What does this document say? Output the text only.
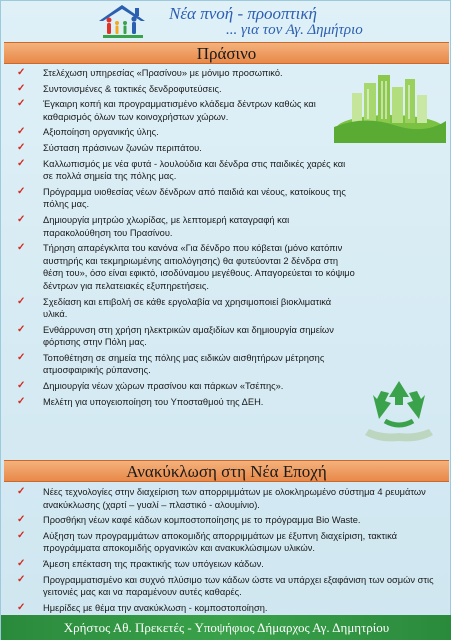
Νέα πνοή - προοπτική
... για τον Αγ. Δημήτριο
Πράσινο
✓ Στελέχωση υπηρεσίας «Πρασίνου» με μόνιμο προσωπικό.
✓ Συντονισμένες & τακτικές δενδροφυτεύσεις.
✓ Έγκαιρη κοπή και προγραμματισμένο κλάδεμα δέντρων καθώς και καθαρισμός όλων των κοινοχρήστων χώρων.
✓ Αξιοποίηση οργανικής ύλης.
✓ Σύσταση πράσινων ζωνών περιπάτου.
✓ Καλλωπισμός με νέα φυτά - λουλούδια και δένδρα στις παιδικές χαρές και σε πολλά σημεία της πόλης μας.
✓ Πρόγραμμα υιοθεσίας νέων δένδρων από παιδιά και νέους, κατοίκους της πόλης μας.
✓ Δημιουργία μητρώο χλωρίδας, με λεπτομερή καταγραφή και παρακολούθηση του Πρασίνου.
✓ Τήρηση απαρέγκλιτα του κανόνα «Για δένδρο που κόβεται (μόνο κατόπιν αυστηρής και τεκμηριωμένης αιτιολόγησης) θα φυτεύονται 2 δένδρα στη θέση του», όσο είναι εφικτό, ισοδύναμου μεγέθους. Απαγορεύεται το κόψιμο δέντρων για πελατειακές εξυπηρετήσεις.
✓ Σχεδίαση και επιβολή σε κάθε εργολαβία να χρησιμοποιεί βιοκλιματικά υλικά.
✓ Ενθάρρυνση στη χρήση ηλεκτρικών αμαξιδίων και δημιουργία σημείων φόρτισης στην Πόλη μας.
✓ Τοποθέτηση σε σημεία της πόλης μας ειδικών αισθητήρων μέτρησης ατμοσφαιρικής ρύπανσης.
✓ Δημιουργία νέων χώρων πρασίνου και πάρκων «Τσέπης».
✓ Μελέτη για υπογειοποίηση του Υποσταθμού της ΔΕΗ.
Ανακύκλωση στη Νέα Εποχή
✓ Νέες τεχνολογίες στην διαχείριση των απορριμμάτων με ολοκληρωμένο σύστημα 4 ρευμάτων ανακύκλωσης (χαρτί – γυαλί – πλαστικό - αλουμίνιο).
✓ Προσθήκη νέων καφέ κάδων κομποστοποίησης με το πρόγραμμα Bio Waste.
✓ Αύξηση των προγραμμάτων αποκομιδής απορριμμάτων με έξυπνη διαχείριση, τακτικά προγράμματα αποκομιδής οργανικών και ανακυκλώσιμων υλικών.
✓ Άμεση επέκταση της πρακτικής των υπόγειων κάδων.
✓ Προγραμματισμένο και συχνό πλύσιμο των κάδων ώστε να υπάρχει εξαφάνιση των οσμών στις γειτονιές μας και να παραμένουν αυτές καθαρές.
✓ Ημερίδες με θέμα την ανακύκλωση - κομποστοποίηση.
Χρήστος Αθ. Πρεκετές - Υποψήφιος Δήμαρχος Αγ. Δημητρίου
